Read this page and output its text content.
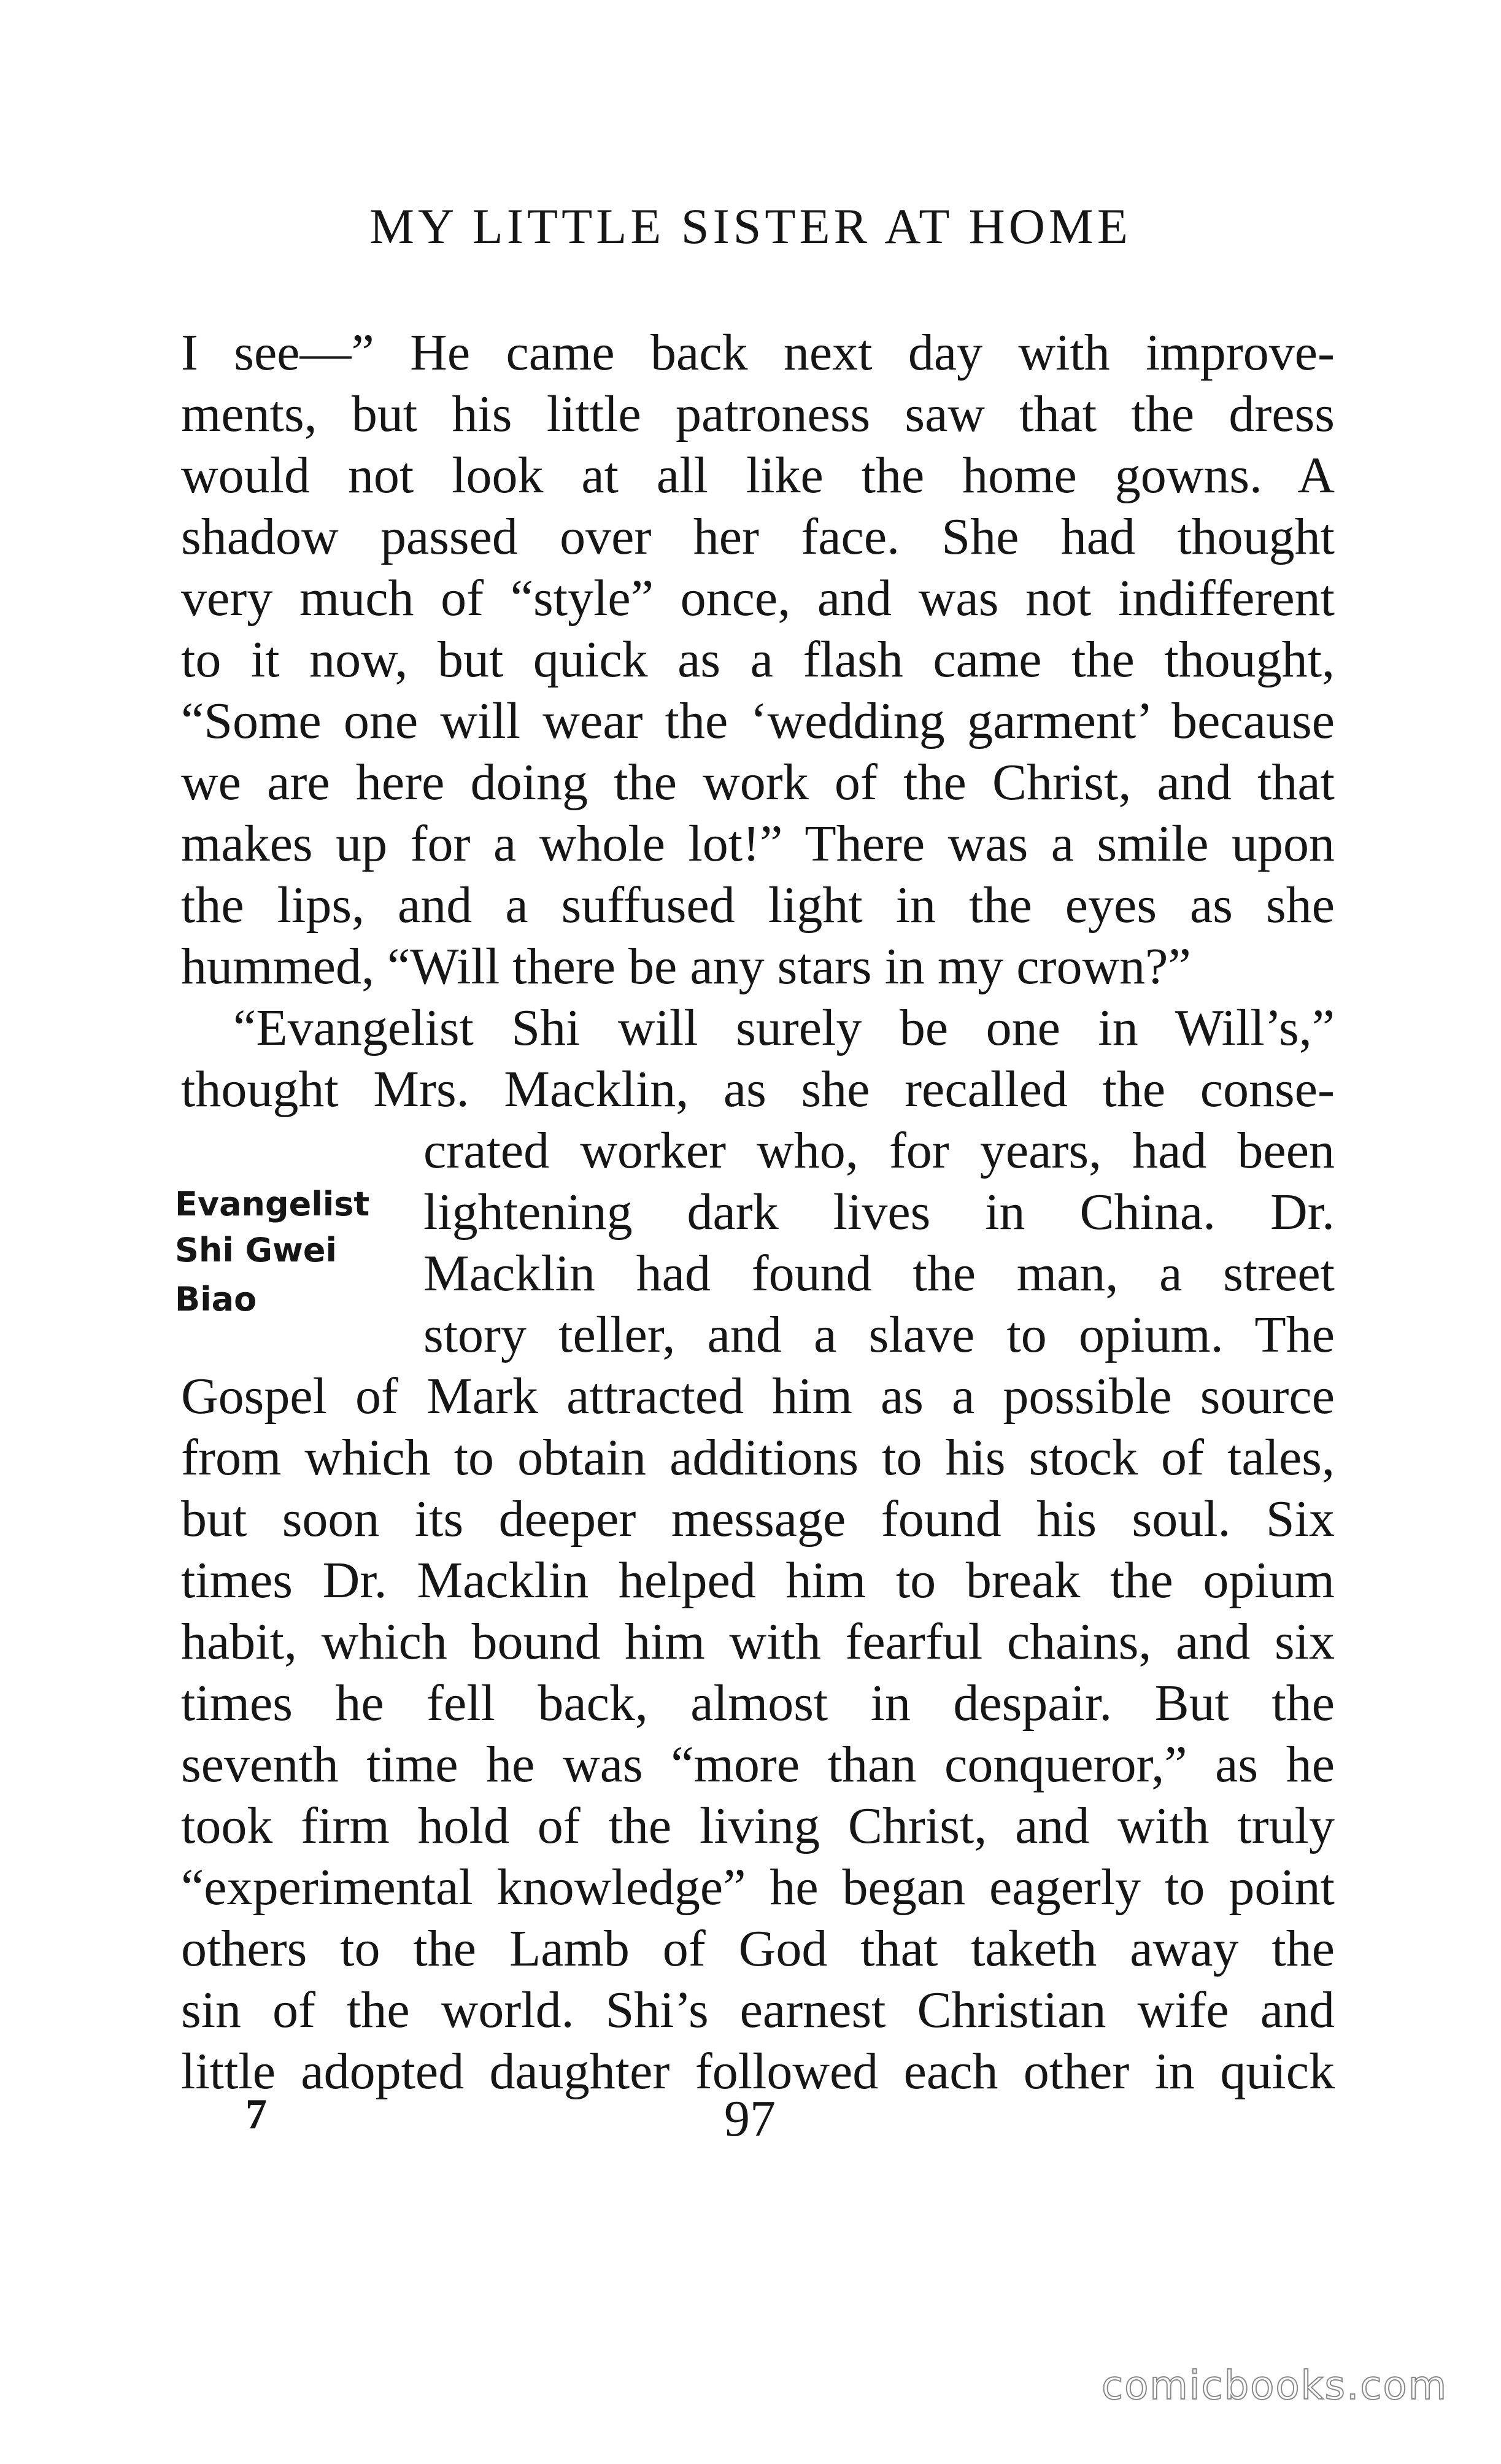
MY LITTLE SISTER AT HOME
I see—” He came back next day with improve-
ments, but his little patroness saw that the dress
would not look at all like the home gowns. A
shadow passed over her face. She had thought
very much of “style” once, and was not indifferent
to it now, but quick as a flash came the thought,
“Some one will wear the ‘wedding garment’ because
we are here doing the work of the Christ, and that
makes up for a whole lot!” There was a smile upon
the lips, and a suffused light in the eyes as she
hummed, “Will there be any stars in my crown?”
“Evangelist Shi will surely be one in Will’s,”
thought Mrs. Macklin, as she recalled the conse-
crated worker who, for years, had been
lightening dark lives in China. Dr.
Macklin had found the man, a street
story teller, and a slave to opium. The
Gospel of Mark attracted him as a possible source
from which to obtain additions to his stock of tales,
but soon its deeper message found his soul. Six
times Dr. Macklin helped him to break the opium
habit, which bound him with fearful chains, and six
times he fell back, almost in despair. But the
seventh time he was “more than conqueror,” as he
took firm hold of the living Christ, and with truly
“experimental knowledge” he began eagerly to point
others to the Lamb of God that taketh away the
sin of the world. Shi’s earnest Christian wife and
little adopted daughter followed each other in quick
Evangelist
Shi Gwei
Biao
7	97
comicbooks.com
